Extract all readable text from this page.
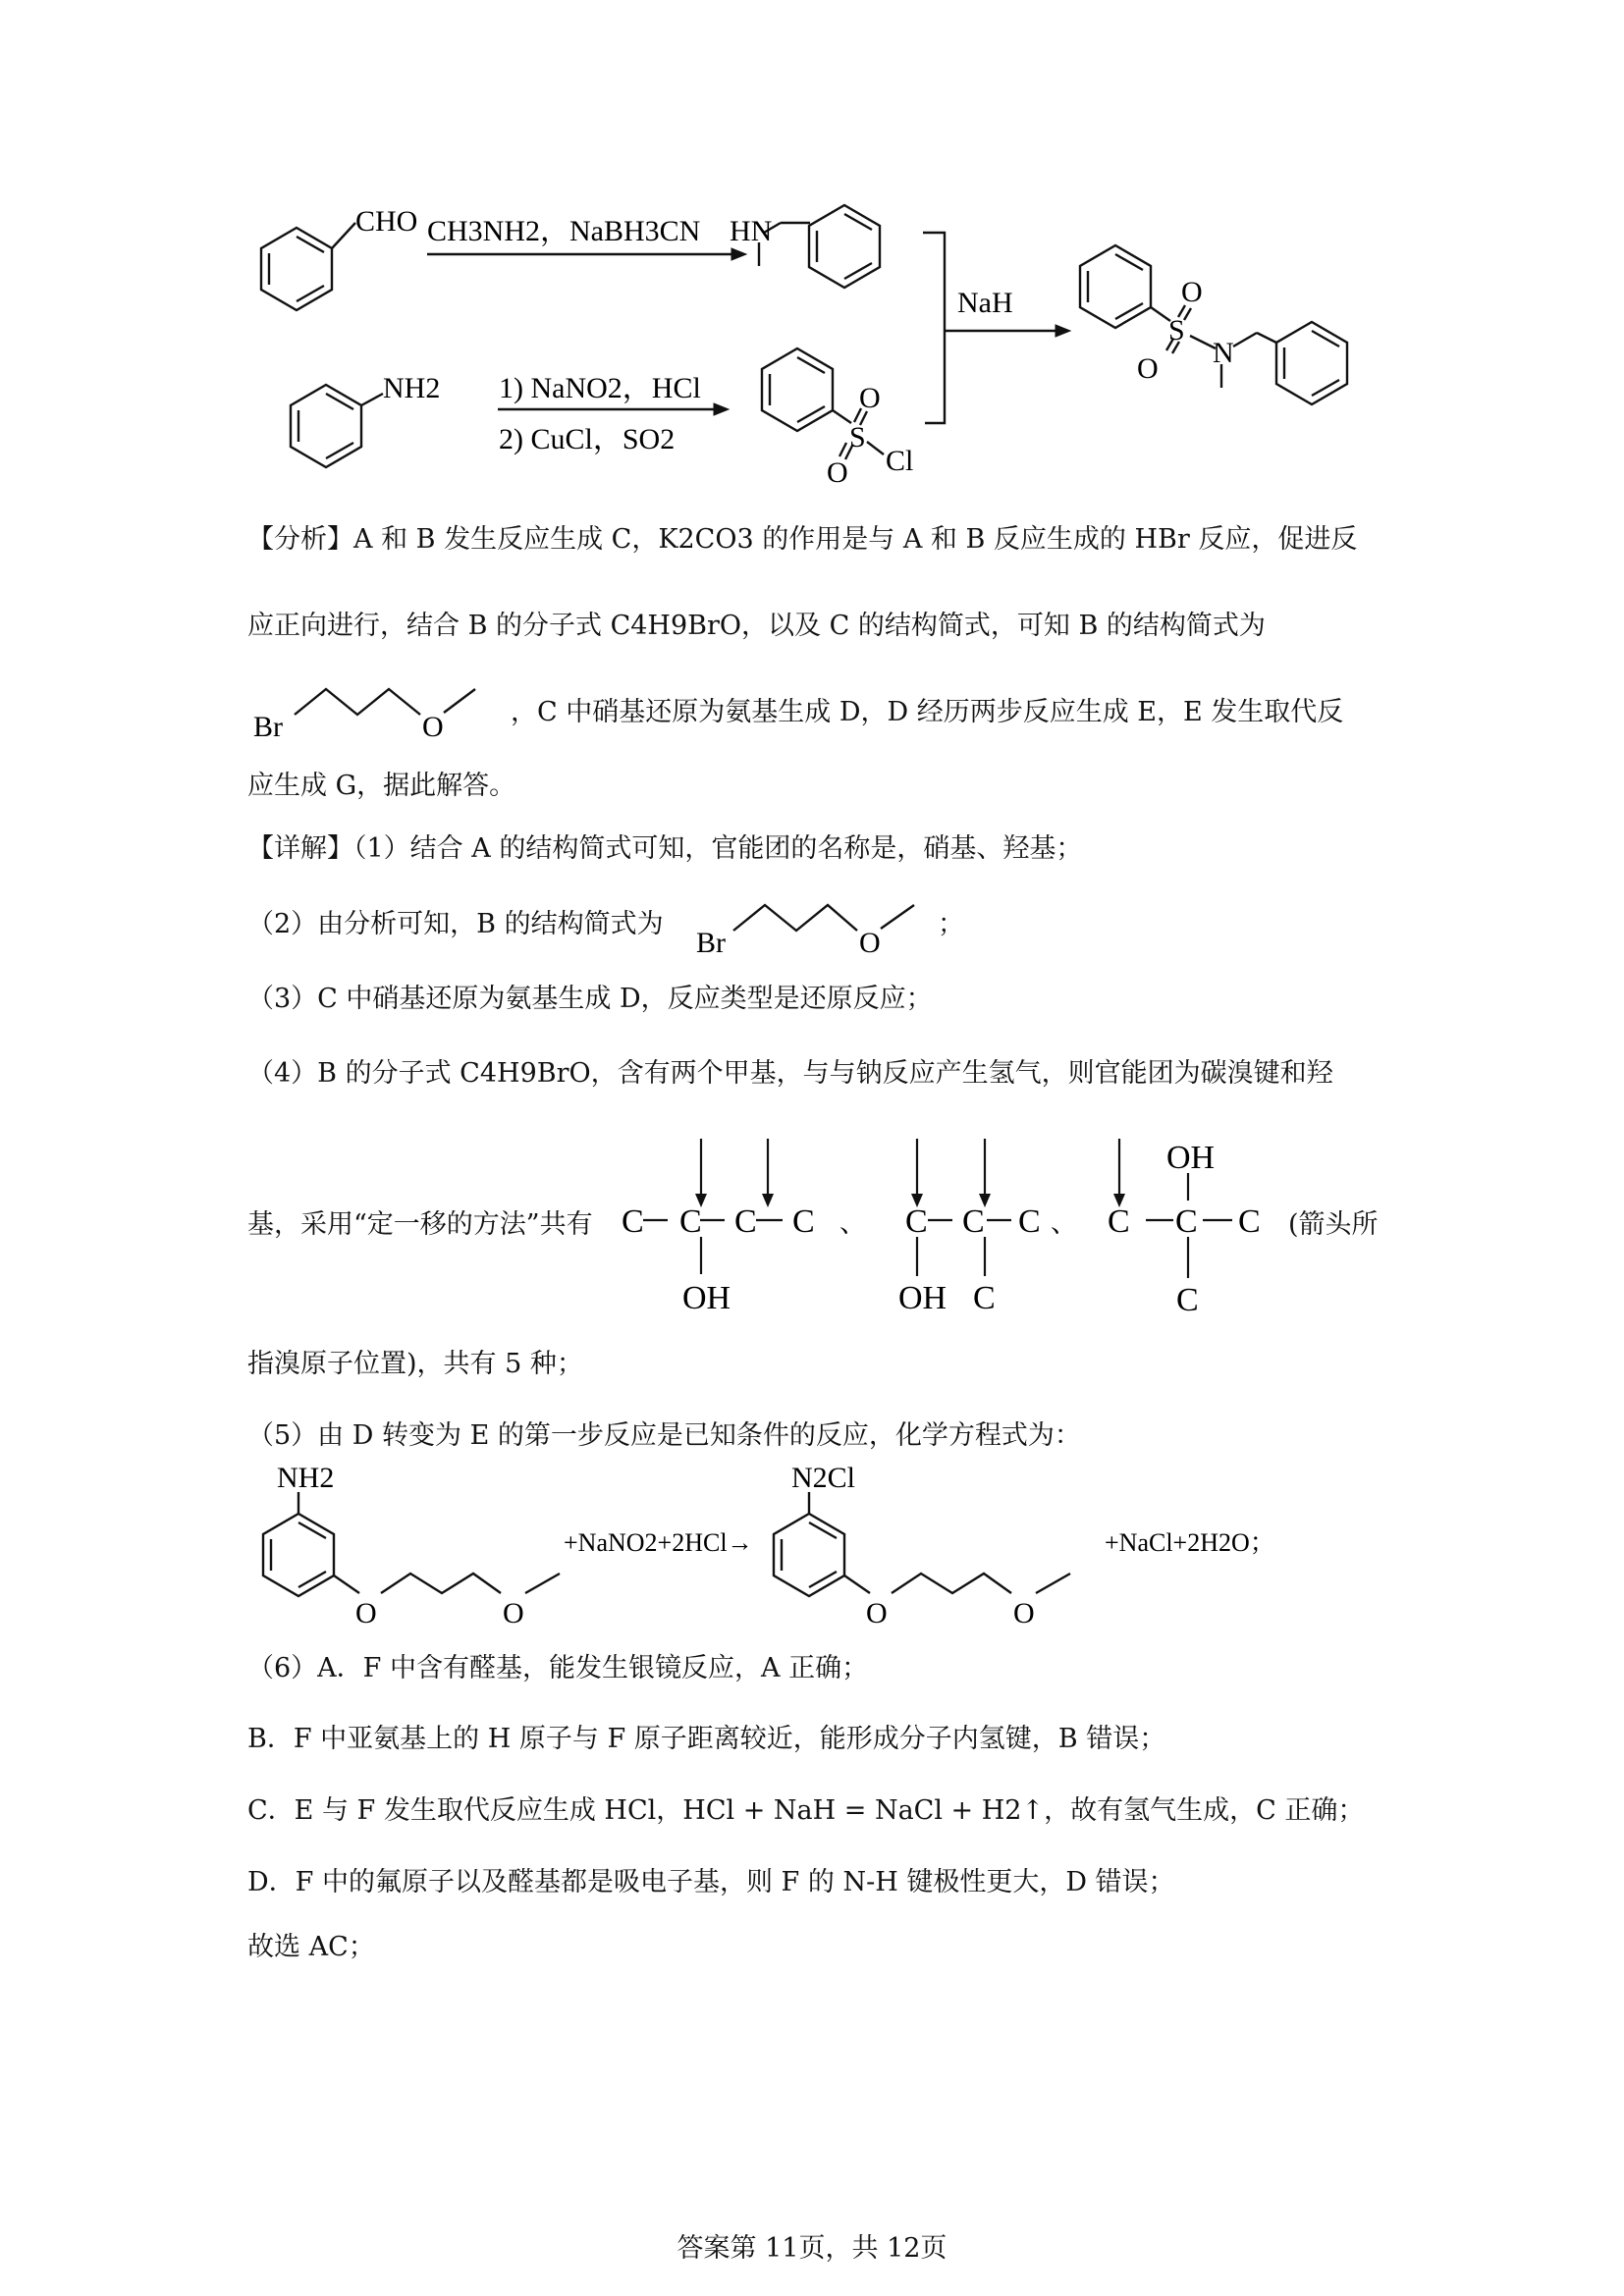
CHO CH3NH2，NaBH3CN HN
NH2 1) NaNO2，HCl
2) CuCl，SO2	S
O
O Cl
NaH
S
O
O N
【分析】A 和 B 发生反应生成 C，K2CO3 的作用是与 A 和 B 反应生成的 HBr 反应，促进反
应正向进行，结合 B 的分子式 C4H9BrO，以及 C 的结构简式，可知 B 的结构简式为
Br	O	，C 中硝基还原为氨基生成 D，D 经历两步反应生成 E，E 发生取代反
应生成 G，据此解答。
【详解】（1）结合 A 的结构简式可知，官能团的名称是，硝基、羟基；
（2）由分析可知，B 的结构简式为
Br	O
；
（3）C 中硝基还原为氨基生成 D，反应类型是还原反应；
（4）B 的分子式 C4H9BrO，含有两个甲基，与与钠反应产生氢气，则官能团为碳溴键和羟
基，采用“定一移的方法”共有 C C C C
OH
、 C C C
OH C
、 C C C
OH
C
(箭头所
指溴原子位置)，共有 5 种；
（5）由 D 转变为 E 的第一步反应是已知条件的反应，化学方程式为：
NH2
O	O
+NaNO2+2HCl→
N2Cl
O	O
+NaCl+2H2O；
（6）A．F 中含有醛基，能发生银镜反应，A 正确；
B．F 中亚氨基上的 H 原子与 F 原子距离较近，能形成分子内氢键，B 错误；
C．E 与 F 发生取代反应生成 HCl，HCl + NaH = NaCl + H2↑，故有氢气生成，C 正确；
D．F 中的氟原子以及醛基都是吸电子基，则 F 的 N-H 键极性更大，D 错误；
故选 AC；
答案第 11页，共 12页
